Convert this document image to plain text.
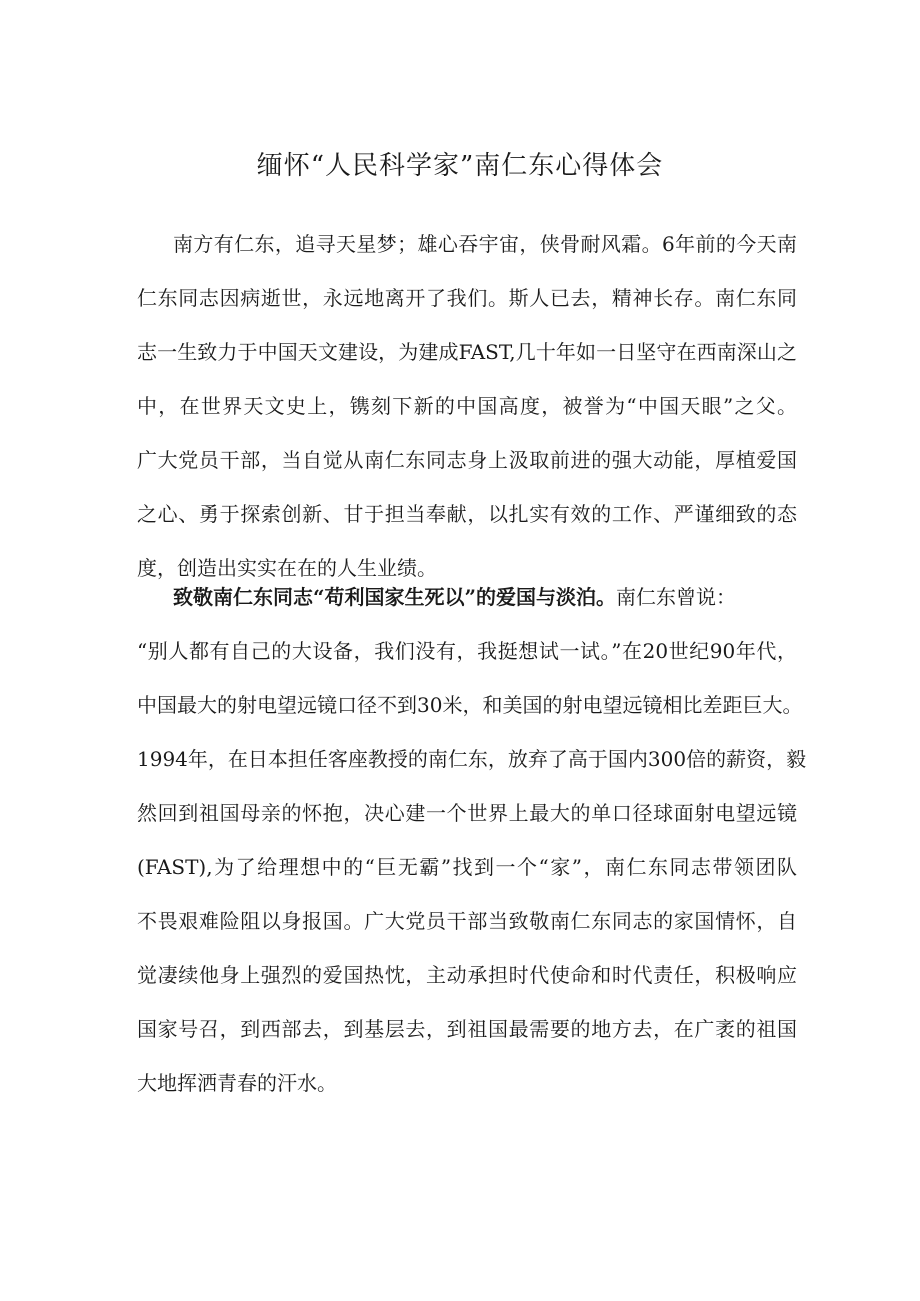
缅怀“人民科学家”南仁东心得体会
南方有仁东，追寻天星梦；雄心吞宇宙，侠骨耐风霜。6年前的今天南
仁东同志因病逝世，永远地离开了我们。斯人已去，精神长存。南仁东同
志一生致力于中国天文建设，为建成FAST,几十年如一日坚守在西南深山之
中，在世界天文史上，镌刻下新的中国高度，被誉为“中国天眼”之父。
广大党员干部，当自觉从南仁东同志身上汲取前进的强大动能，厚植爱国
之心、勇于探索创新、甘于担当奉献，以扎实有效的工作、严谨细致的态
度，创造出实实在在的人生业绩。
致敬南仁东同志“苟利国家生死以”的爱国与淡泊。南仁东曾说：
“别人都有自己的大设备，我们没有，我挺想试一试。”在20世纪90年代，
中国最大的射电望远镜口径不到30米，和美国的射电望远镜相比差距巨大。
1994年，在日本担任客座教授的南仁东，放弃了高于国内300倍的薪资，毅
然回到祖国母亲的怀抱，决心建一个世界上最大的单口径球面射电望远镜
(FAST),为了给理想中的“巨无霸”找到一个“家”，南仁东同志带领团队
不畏艰难险阻以身报国。广大党员干部当致敬南仁东同志的家国情怀，自
觉凄续他身上强烈的爱国热忱，主动承担时代使命和时代责任，积极响应
国家号召，到西部去，到基层去，到祖国最需要的地方去，在广袤的祖国
大地挥洒青春的汗水。
